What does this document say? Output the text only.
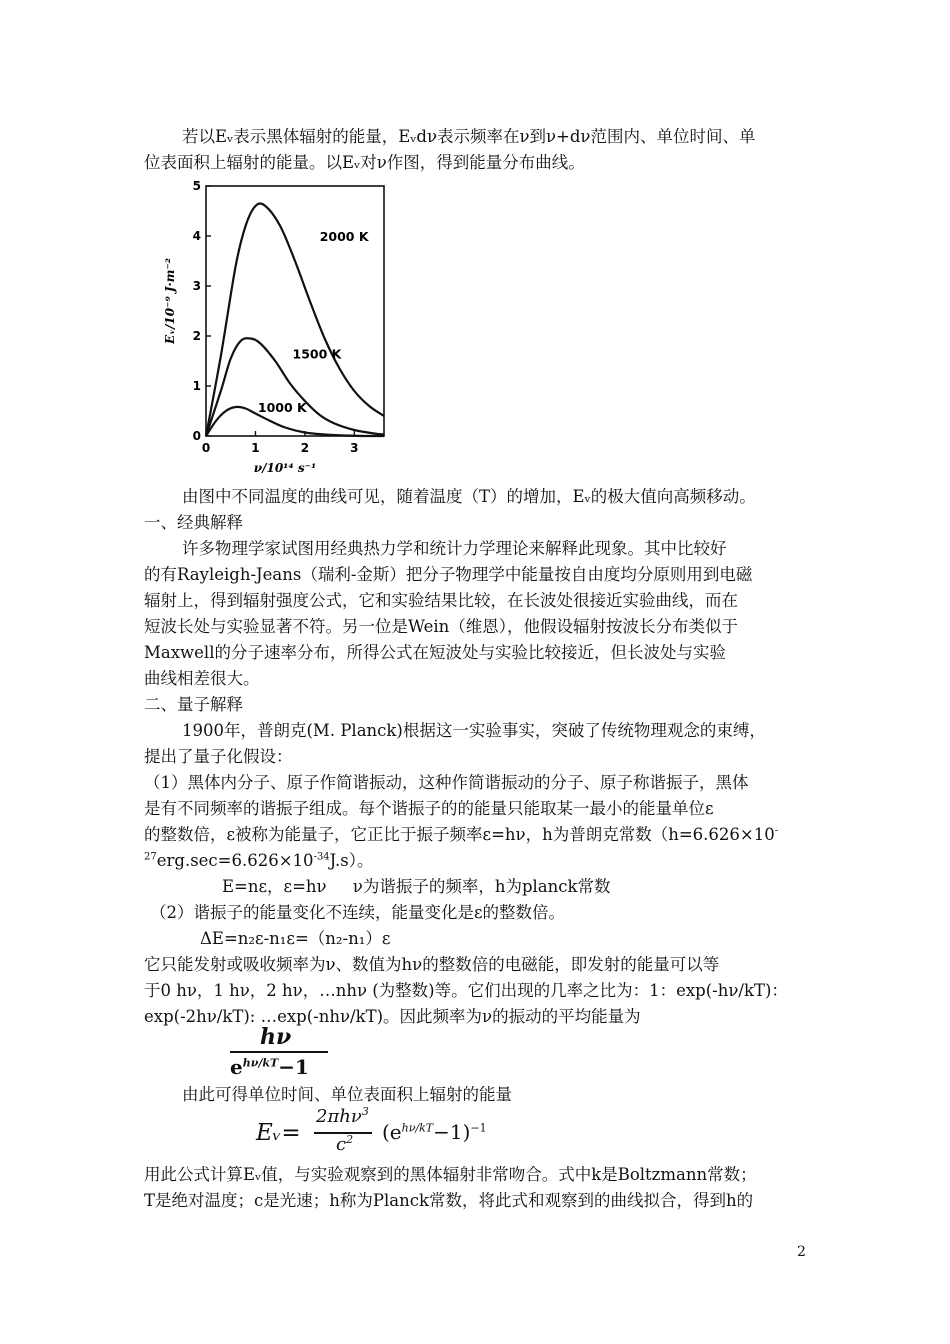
若以Eᵥ表示黑体辐射的能量，Eᵥdν表示频率在ν到ν+dν范围内、单位时间、单
位表面积上辐射的能量。以Eᵥ对ν作图，得到能量分布曲线。
0
1
2
3
4
5
0	1	2	3
2000 K
1500 K
1000 K
ν/10¹⁴ s⁻¹
Eᵥ/10⁻⁹ J·m⁻²
由图中不同温度的曲线可见，随着温度（T）的增加，Eᵥ的极大值向高频移动。
一、经典解释
许多物理学家试图用经典热力学和统计力学理论来解释此现象。其中比较好
的有Rayleigh-Jeans（瑞利-金斯）把分子物理学中能量按自由度均分原则用到电磁
辐射上，得到辐射强度公式，它和实验结果比较，在长波处很接近实验曲线，而在
短波长处与实验显著不符。另一位是Wein（维恩），他假设辐射按波长分布类似于
Maxwell的分子速率分布，所得公式在短波处与实验比较接近，但长波处与实验
曲线相差很大。
二、量子解释
1900年，普朗克(M. Planck)根据这一实验事实，突破了传统物理观念的束缚，
提出了量子化假设：
（1）黑体内分子、原子作简谐振动，这种作简谐振动的分子、原子称谐振子，黑体
是有不同频率的谐振子组成。每个谐振子的的能量只能取某一最小的能量单位ε
的整数倍，ε被称为能量子，它正比于振子频率ε=hν，h为普朗克常数（h=6.626×10-
$^{27}erg.\sec=6.626\times 10^{-34}J.s$）。
E=nε，ε=hν     ν为谐振子的频率，h为planck常数
（2）谐振子的能量变化不连续，能量变化是ε的整数倍。
ΔE=n₂ε-n₁ε=（n₂-n₁）ε
它只能发射或吸收频率为ν、数值为hν的整数倍的电磁能，即发射的能量可以等
于0 hν，1 hν，2 hν，…nhν (为整数)等。它们出现的几率之比为：1：exp(-hν/kT)：
exp(-2hν/kT): …exp(-nhν/kT)。因此频率为ν的振动的平均能量为
hν
$e^{h\nu/kT}-1$
由此可得单位时间、单位表面积上辐射的能量
Eᵥ=
2πhν$^3$
$c^2$ $(e^{h\nu/kT}-1)^{-1}$
用此公式计算Eᵥ值，与实验观察到的黑体辐射非常吻合。式中k是Boltzmann常数；
T是绝对温度；c是光速；h称为Planck常数，将此式和观察到的曲线拟合，得到h的
2
